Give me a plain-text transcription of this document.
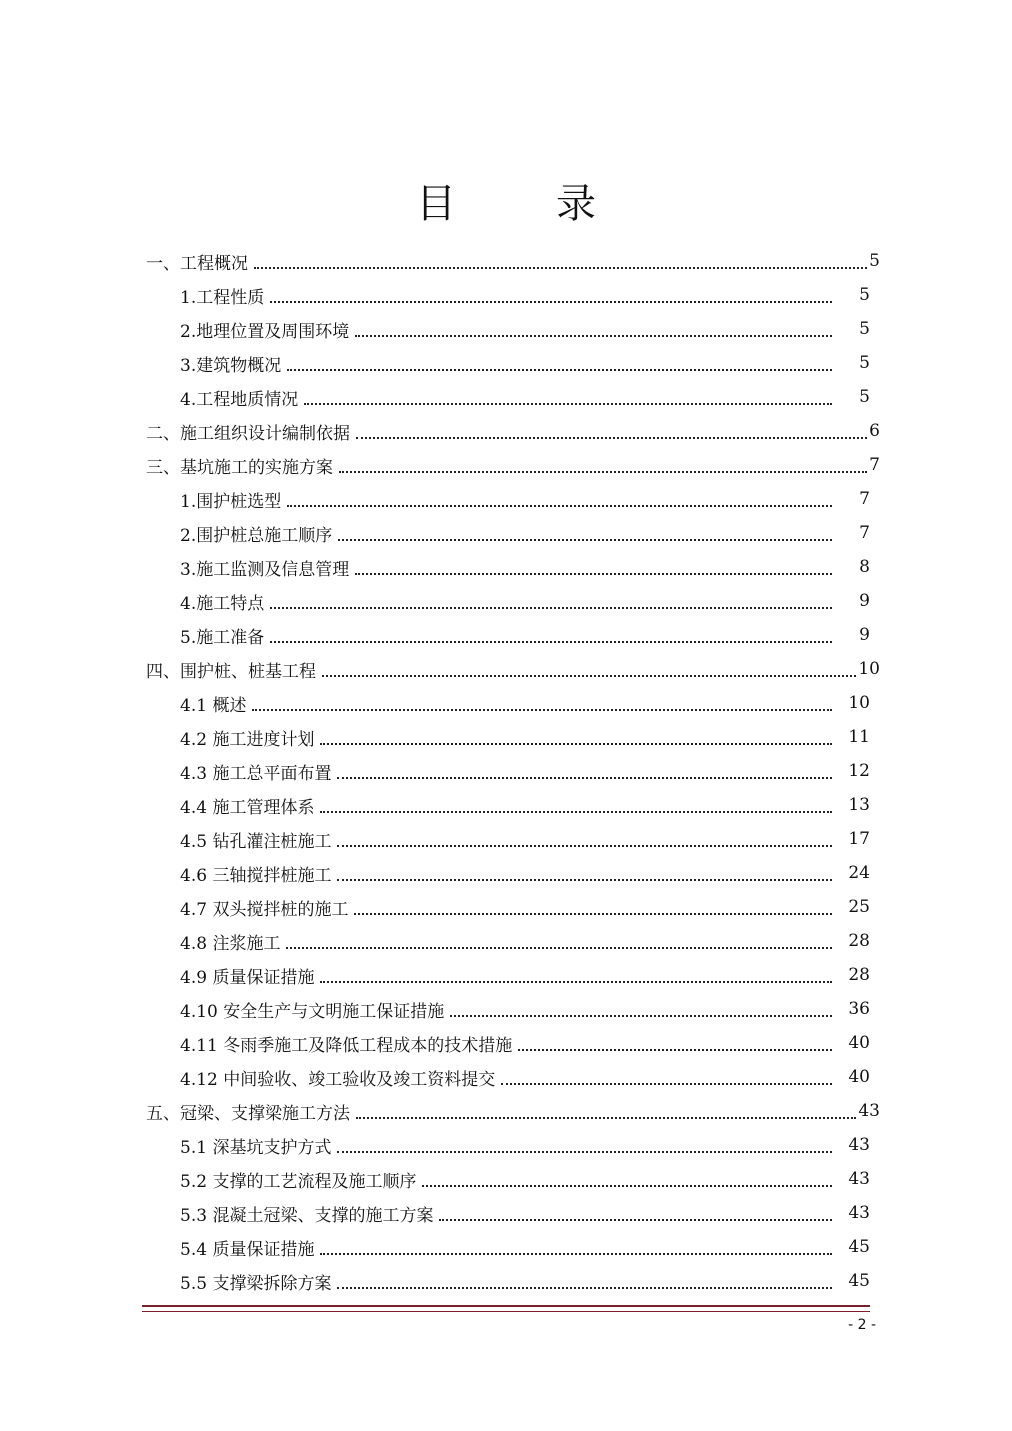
目	录
一、工程概况	5
1.工程性质	5
2.地理位置及周围环境	5
3.建筑物概况	5
4.工程地质情况	5
二、施工组织设计编制依据	6
三、基坑施工的实施方案	7
1.围护桩选型	7
2.围护桩总施工顺序	7
3.施工监测及信息管理	8
4.施工特点	9
5.施工准备	9
四、围护桩、桩基工程	10
4.1 概述	10
4.2 施工进度计划	11
4.3 施工总平面布置	12
4.4 施工管理体系	13
4.5 钻孔灌注桩施工	17
4.6 三轴搅拌桩施工	24
4.7 双头搅拌桩的施工	25
4.8 注浆施工	28
4.9 质量保证措施	28
4.10 安全生产与文明施工保证措施	36
4.11 冬雨季施工及降低工程成本的技术措施	40
4.12 中间验收、竣工验收及竣工资料提交	40
五、冠梁、支撑梁施工方法	43
5.1 深基坑支护方式	43
5.2 支撑的工艺流程及施工顺序	43
5.3 混凝土冠梁、支撑的施工方案	43
5.4 质量保证措施	45
5.5 支撑梁拆除方案	45
- 2 -
